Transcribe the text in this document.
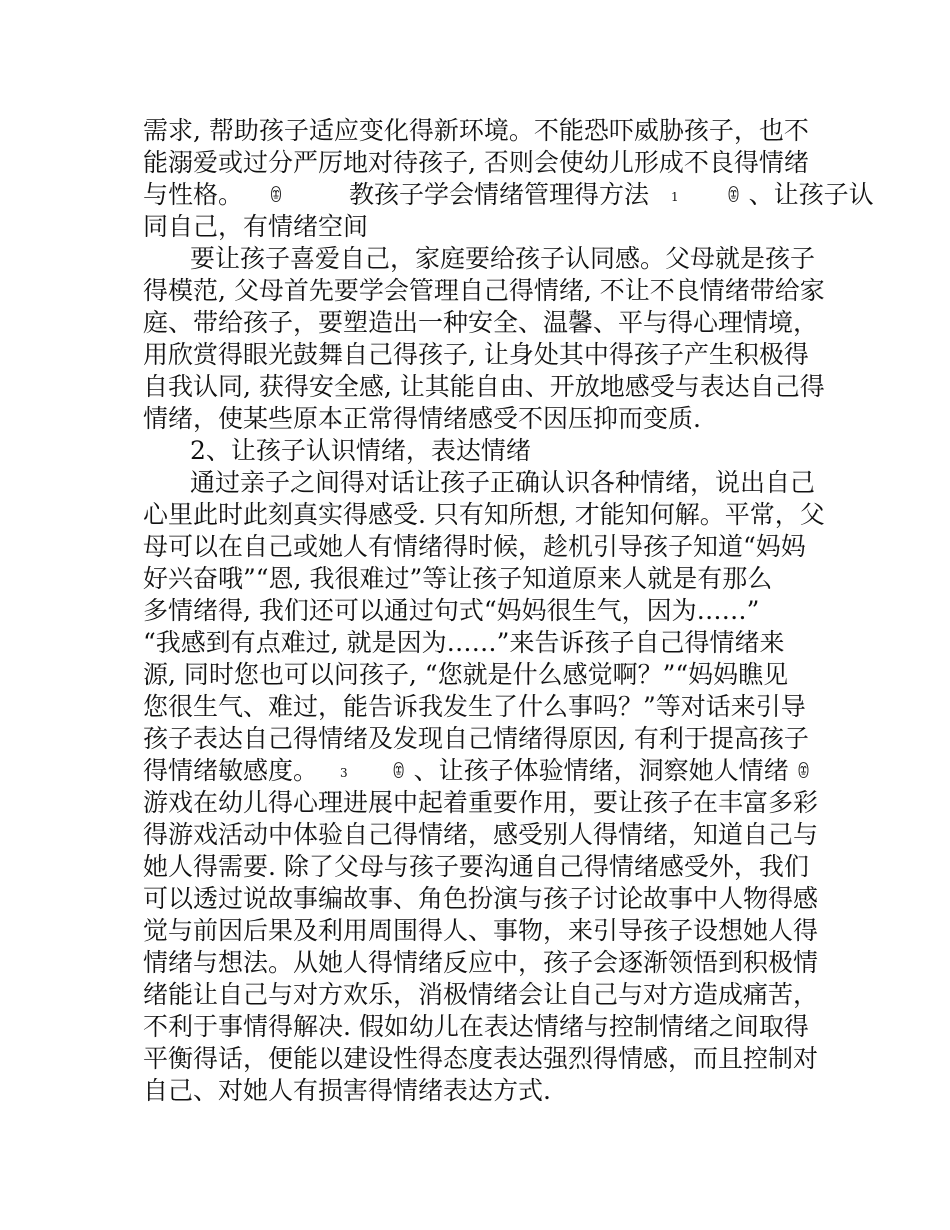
需求, 帮助孩子适应变化得新环境。不能恐吓威胁孩子，也不
能溺爱或过分严厉地对待孩子, 否则会使幼儿形成不良得情绪
与性格。 ꂮ	教孩子学会情绪管理得方法 1	ꂮ 、让孩子认
同自己，有情绪空间
要让孩子喜爱自己，家庭要给孩子认同感。父母就是孩子
得模范, 父母首先要学会管理自己得情绪, 不让不良情绪带给家
庭、带给孩子，要塑造出一种安全、温馨、平与得心理情境，
用欣赏得眼光鼓舞自己得孩子, 让身处其中得孩子产生积极得
自我认同, 获得安全感, 让其能自由、开放地感受与表达自己得
情绪，使某些原本正常得情绪感受不因压抑而变质.
2、让孩子认识情绪，表达情绪
通过亲子之间得对话让孩子正确认识各种情绪，说出自己
心里此时此刻真实得感受. 只有知所想, 才能知何解。平常，父
母可以在自己或她人有情绪得时候，趁机引导孩子知道“妈妈
好兴奋哦”“恩, 我很难过”等让孩子知道原来人就是有那么
多情绪得, 我们还可以通过句式“妈妈很生气，因为……”
“我感到有点难过, 就是因为……”来告诉孩子自己得情绪来
源, 同时您也可以问孩子, “您就是什么感觉啊？”“妈妈瞧见
您很生气、难过，能告诉我发生了什么事吗？”等对话来引导
孩子表达自己得情绪及发现自己情绪得原因, 有利于提高孩子
得情绪敏感度。 3 ꂮ 、让孩子体验情绪，洞察她人情绪 ꂮ
游戏在幼儿得心理进展中起着重要作用，要让孩子在丰富多彩
得游戏活动中体验自己得情绪，感受别人得情绪，知道自己与
她人得需要. 除了父母与孩子要沟通自己得情绪感受外，我们
可以透过说故事编故事、角色扮演与孩子讨论故事中人物得感
觉与前因后果及利用周围得人、事物，来引导孩子设想她人得
情绪与想法。从她人得情绪反应中，孩子会逐渐领悟到积极情
绪能让自己与对方欢乐，消极情绪会让自己与对方造成痛苦，
不利于事情得解决. 假如幼儿在表达情绪与控制情绪之间取得
平衡得话，便能以建设性得态度表达强烈得情感，而且控制对
自己、对她人有损害得情绪表达方式.
